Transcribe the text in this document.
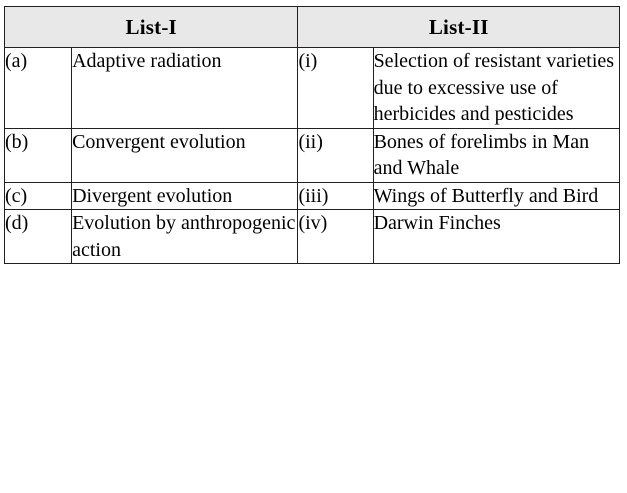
List-I		List-II	
(a)	Adaptive radiation	(i)	Selection of resistant varieties due to excessive use of herbicides and pesticides
(b)	Convergent evolution	(ii)	Bones of forelimbs in Man and Whale
(c)	Divergent evolution	(iii)	Wings of Butterfly and Bird
(d)	Evolution by anthropogenic action	(iv)	Darwin Finches
